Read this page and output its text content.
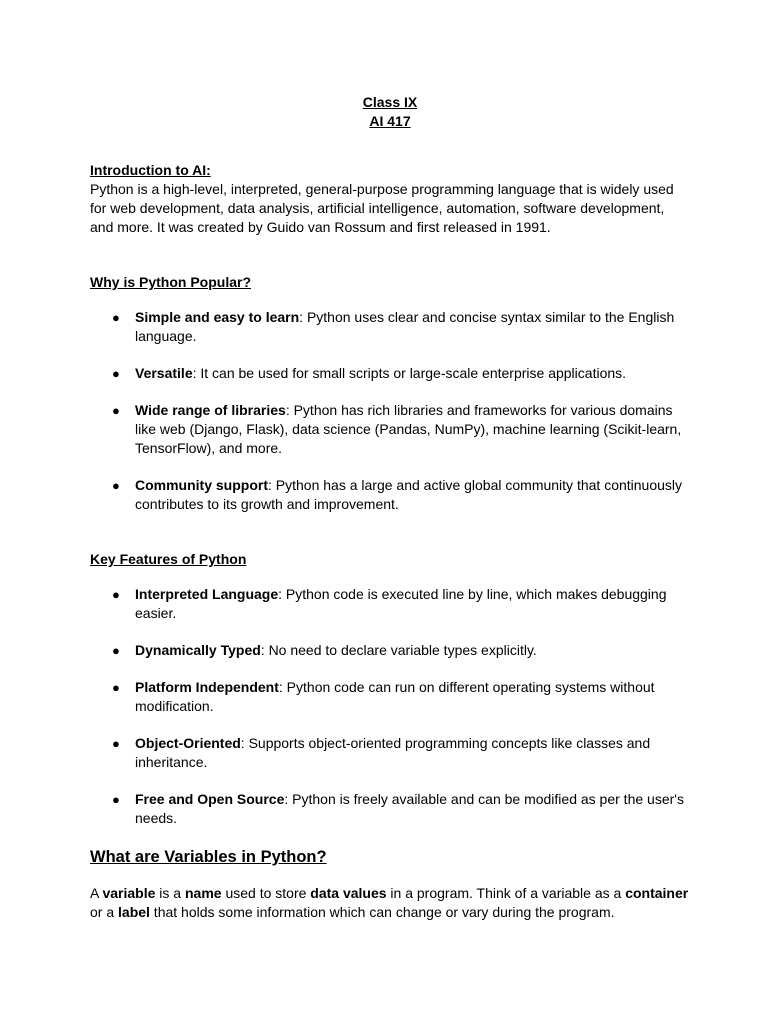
Class IX
AI 417
Introduction to AI:

Python is a high-level, interpreted, general-purpose programming language that is widely used for web development, data analysis, artificial intelligence, automation, software development, and more. It was created by Guido van Rossum and first released in 1991.

Why is Python Popular?
● Simple and easy to learn: Python uses clear and concise syntax similar to the English language.
● Versatile: It can be used for small scripts or large-scale enterprise applications.
● Wide range of libraries: Python has rich libraries and frameworks for various domains like web (Django, Flask), data science (Pandas, NumPy), machine learning (Scikit-learn, TensorFlow), and more.
● Community support: Python has a large and active global community that continuously contributes to its growth and improvement.
Key Features of Python
● Interpreted Language: Python code is executed line by line, which makes debugging easier.
● Dynamically Typed: No need to declare variable types explicitly.
● Platform Independent: Python code can run on different operating systems without modification.
● Object-Oriented: Supports object-oriented programming concepts like classes and inheritance.
● Free and Open Source: Python is freely available and can be modified as per the user's needs.
What are Variables in Python?

A variable is a name used to store data values in a program. Think of a variable as a container or a label that holds some information which can change or vary during the program.
